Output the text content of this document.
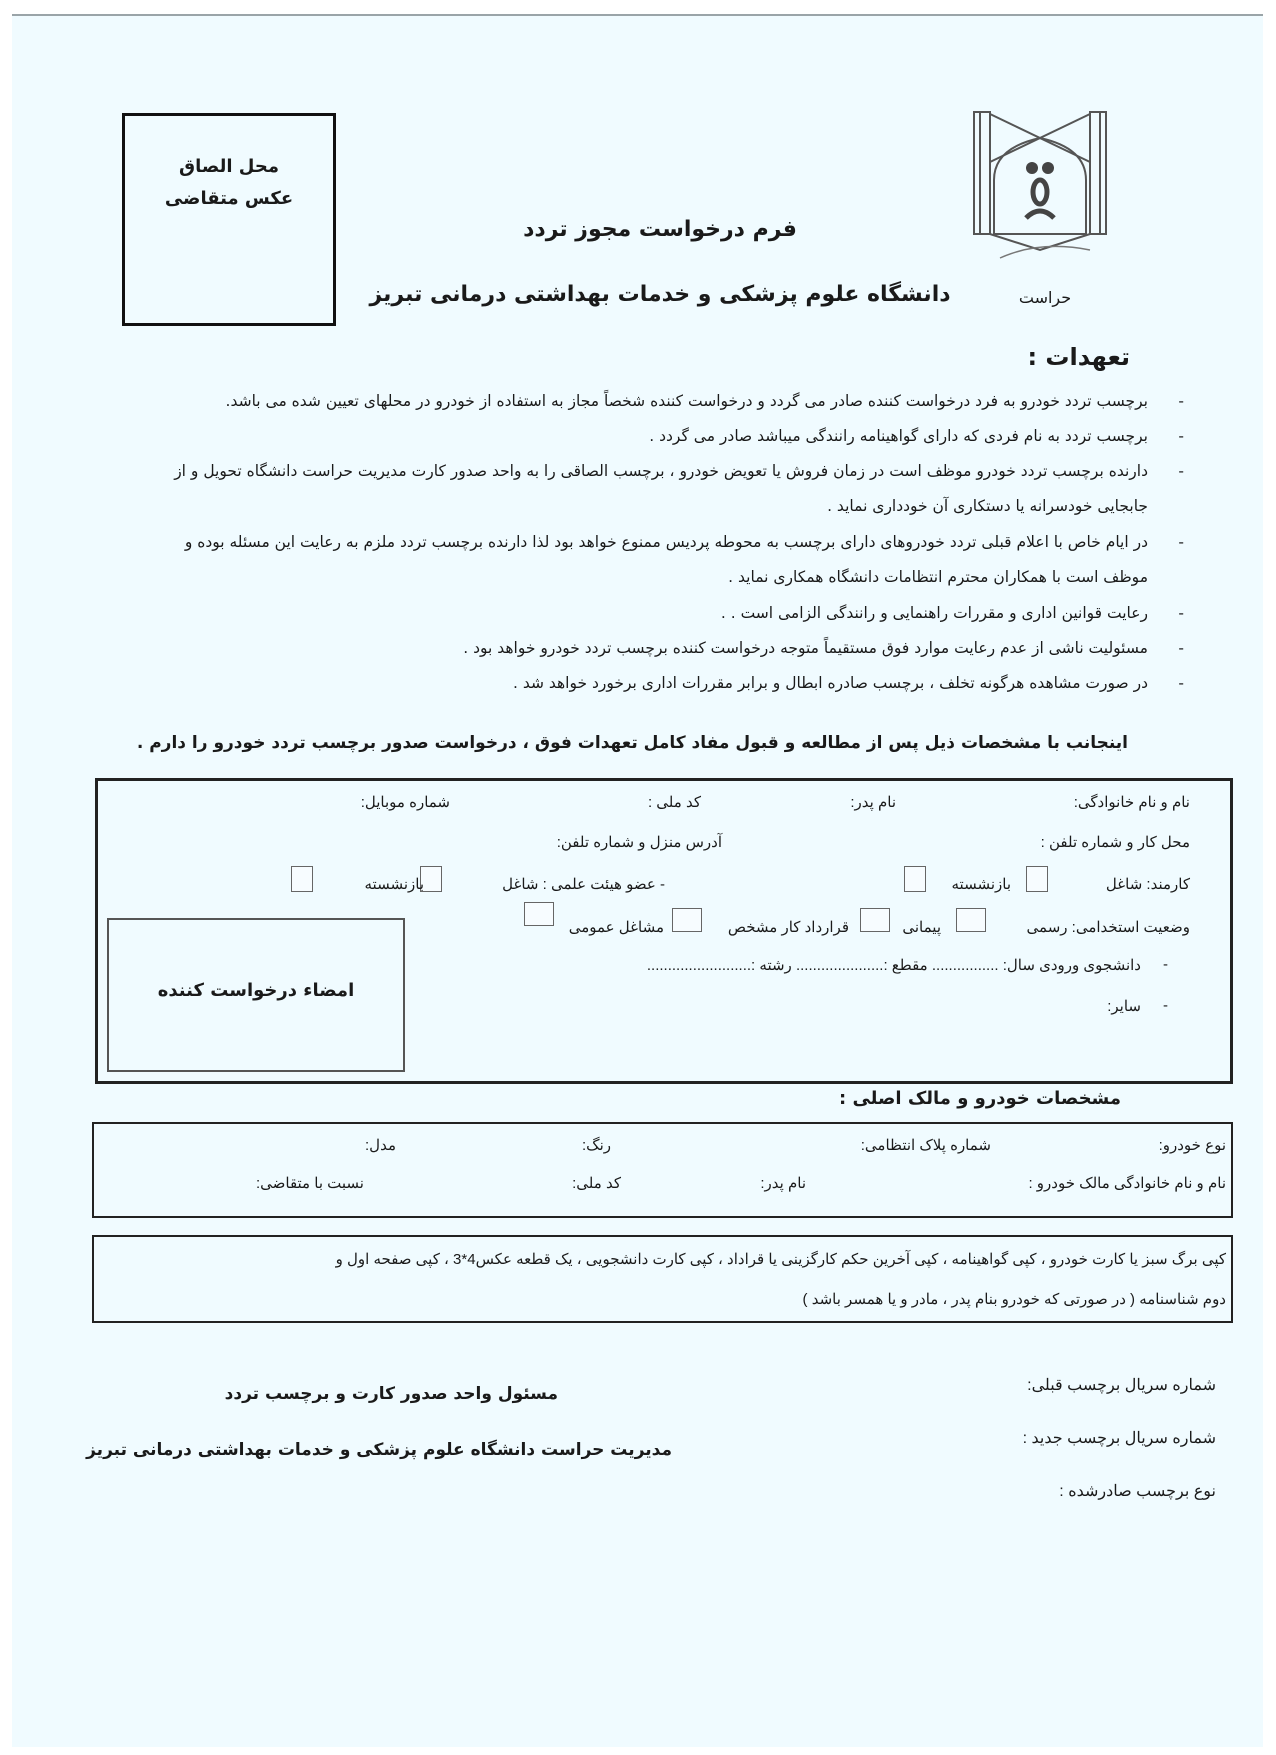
محل الصاق
عکس متقاضی
حراست
فرم درخواست مجوز تردد
دانشگاه علوم پزشکی و خدمات بهداشتی درمانی تبریز
تعهدات :
-
برچسب تردد خودرو به فرد درخواست کننده صادر می گردد و درخواست کننده شخصاً مجاز به استفاده از خودرو در محلهای تعیین شده می باشد.
-
برچسب تردد به نام فردی که دارای گواهینامه رانندگی میباشد صادر می گردد .
-
دارنده برچسب تردد خودرو موظف است در زمان فروش یا تعویض خودرو ، برچسب الصاقی را به واحد صدور کارت مدیریت حراست دانشگاه تحویل و از
جابجایی خودسرانه یا دستکاری آن خودداری نماید .
-
در ایام خاص با اعلام قبلی تردد خودروهای دارای برچسب به محوطه پردیس ممنوع خواهد بود لذا دارنده برچسب تردد ملزم به رعایت این مسئله بوده و
موظف است با همکاران محترم انتظامات دانشگاه همکاری نماید .
-
رعایت قوانین اداری و مقررات راهنمایی و رانندگی الزامی است . .
-
مسئولیت ناشی از عدم رعایت موارد فوق مستقیماً متوجه درخواست کننده برچسب تردد خودرو خواهد بود .
-
در صورت مشاهده هرگونه تخلف ، برچسب صادره ابطال و برابر مقررات اداری برخورد خواهد شد .
اینجانب با مشخصات ذیل پس از مطالعه و قبول مفاد کامل تعهدات فوق ، درخواست صدور برچسب تردد خودرو را دارم .
نام و نام خانوادگی:
نام پدر:
کد ملی :
شماره موبایل:
محل کار و شماره تلفن :
آدرس منزل و شماره تلفن:
کارمند: شاغل
بازنشسته
- عضو هیئت علمی : شاغل
بازنشسته
وضعیت استخدامی: رسمی
پیمانی
قرارداد کار مشخص
مشاغل عمومی
-
دانشجوی ورودی سال: ................ مقطع :..................... رشته :.........................
-
سایر:
امضاء درخواست کننده
مشخصات خودرو و مالک اصلی :
نوع خودرو:
شماره پلاک انتظامی:
رنگ:
مدل:
نام و نام خانوادگی مالک خودرو :
نام پدر:
کد ملی:
نسبت با متقاضی:
کپی برگ سبز یا کارت خودرو ، کپی گواهینامه ، کپی آخرین حکم کارگزینی یا قراداد ، کپی کارت دانشجویی ، یک قطعه عکس4*3 ، کپی صفحه اول و
دوم شناسنامه ( در صورتی که خودرو بنام پدر ، مادر و یا همسر باشد )
شماره سریال برچسب قبلی:
شماره سریال برچسب جدید :
نوع برچسب صادرشده :
مسئول واحد صدور کارت و برچسب تردد
مدیریت حراست دانشگاه علوم پزشکی و خدمات بهداشتی درمانی تبریز
